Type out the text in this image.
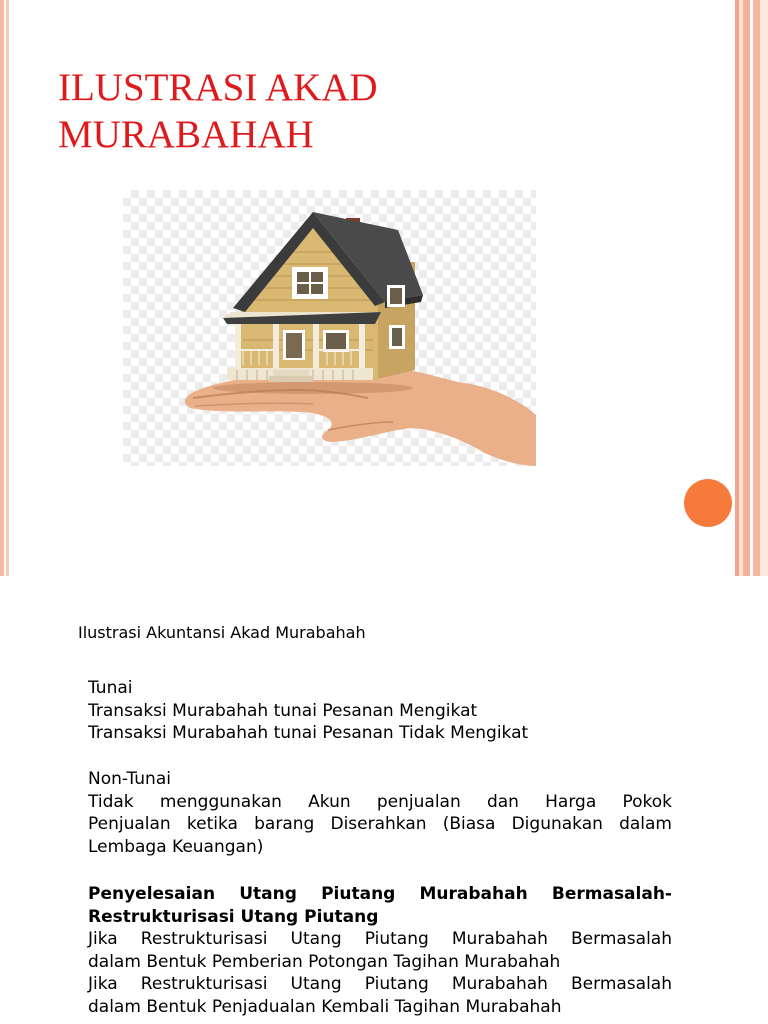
ILUSTRASI AKAD
MURABAHAH
Ilustrasi Akuntansi Akad Murabahah
Tunai
Transaksi Murabahah tunai Pesanan Mengikat
Transaksi Murabahah tunai Pesanan Tidak Mengikat
Non-Tunai
Tidak menggunakan Akun penjualan dan Harga Pokok
Penjualan ketika barang Diserahkan (Biasa Digunakan dalam
Lembaga Keuangan)
Penyelesaian Utang Piutang Murabahah Bermasalah-
Restrukturisasi Utang Piutang
Jika Restrukturisasi Utang Piutang Murabahah Bermasalah
dalam Bentuk Pemberian Potongan Tagihan Murabahah
Jika Restrukturisasi Utang Piutang Murabahah Bermasalah
dalam Bentuk Penjadualan Kembali Tagihan Murabahah
